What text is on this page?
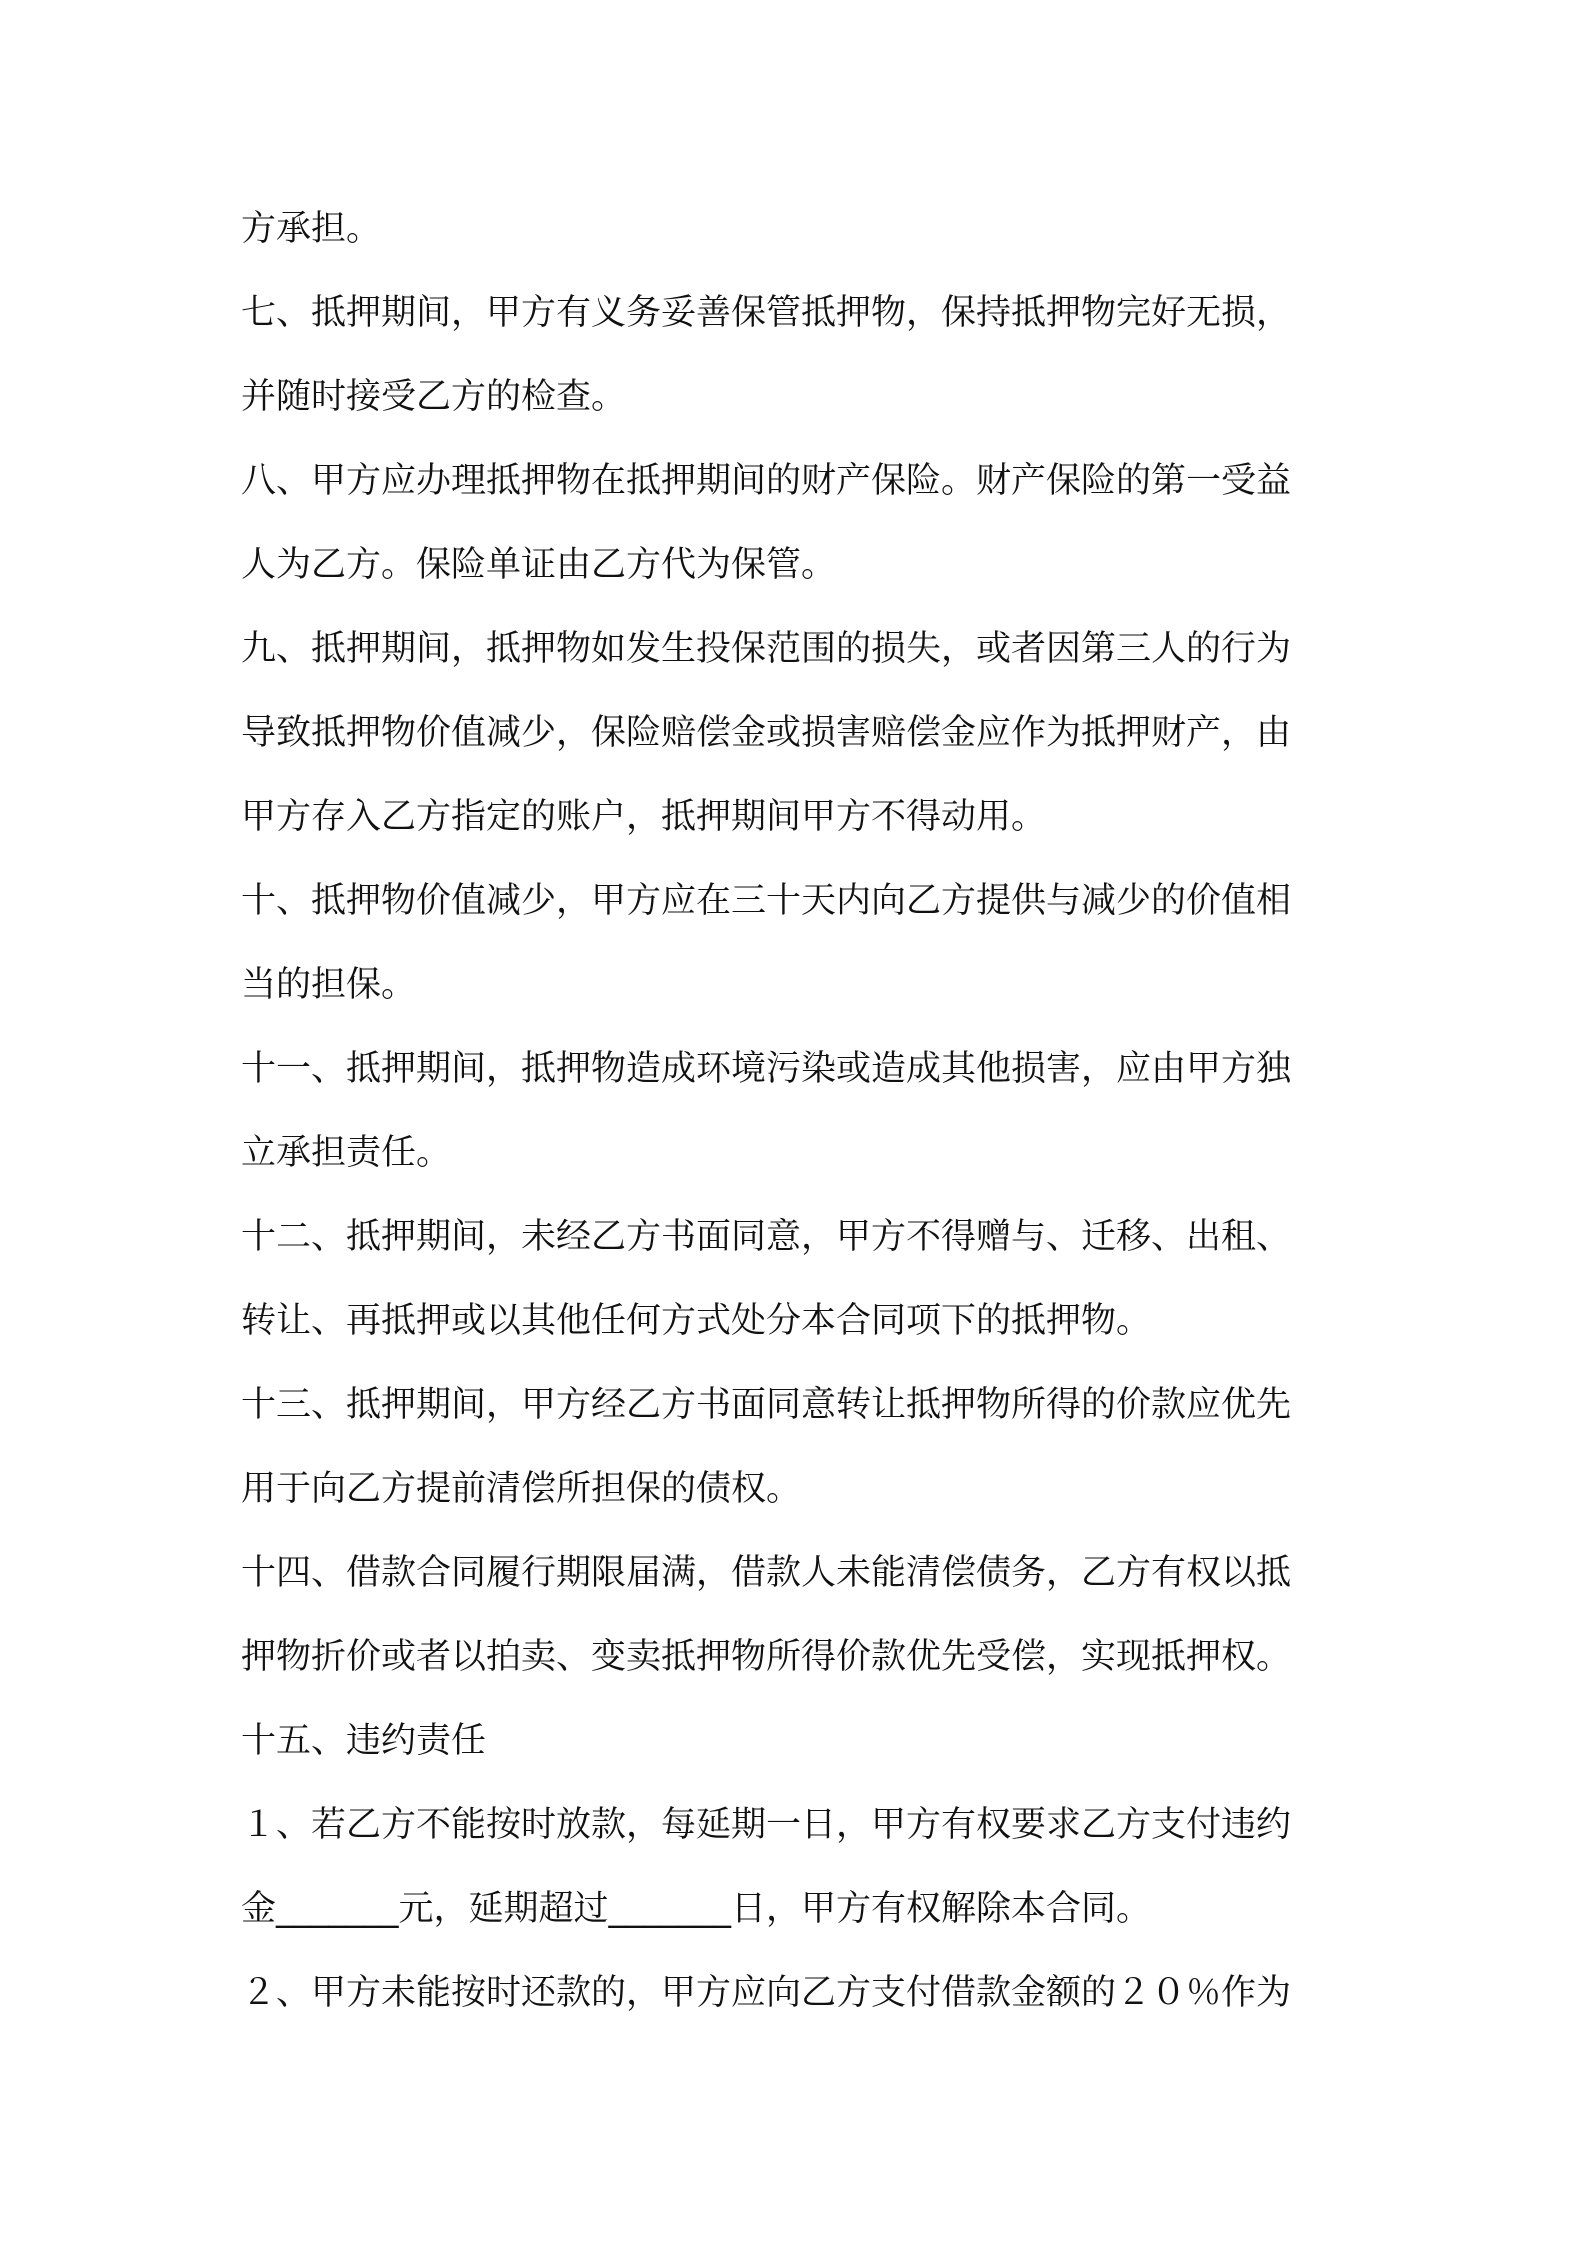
方承担。
七、抵押期间，甲方有义务妥善保管抵押物，保持抵押物完好无损，
并随时接受乙方的检查。
八、甲方应办理抵押物在抵押期间的财产保险。财产保险的第一受益
人为乙方。保险单证由乙方代为保管。
九、抵押期间，抵押物如发生投保范围的损失，或者因第三人的行为
导致抵押物价值减少，保险赔偿金或损害赔偿金应作为抵押财产，由
甲方存入乙方指定的账户，抵押期间甲方不得动用。
十、抵押物价值减少，甲方应在三十天内向乙方提供与减少的价值相
当的担保。
十一、抵押期间，抵押物造成环境污染或造成其他损害，应由甲方独
立承担责任。
十二、抵押期间，未经乙方书面同意，甲方不得赠与、迁移、出租、
转让、再抵押或以其他任何方式处分本合同项下的抵押物。
十三、抵押期间，甲方经乙方书面同意转让抵押物所得的价款应优先
用于向乙方提前清偿所担保的债权。
十四、借款合同履行期限届满，借款人未能清偿债务，乙方有权以抵
押物折价或者以拍卖、变卖抵押物所得价款优先受偿，实现抵押权。
十五、违约责任
１、若乙方不能按时放款，每延期一日，甲方有权要求乙方支付违约
金_______元，延期超过_______日，甲方有权解除本合同。
２、甲方未能按时还款的，甲方应向乙方支付借款金额的２０％作为
